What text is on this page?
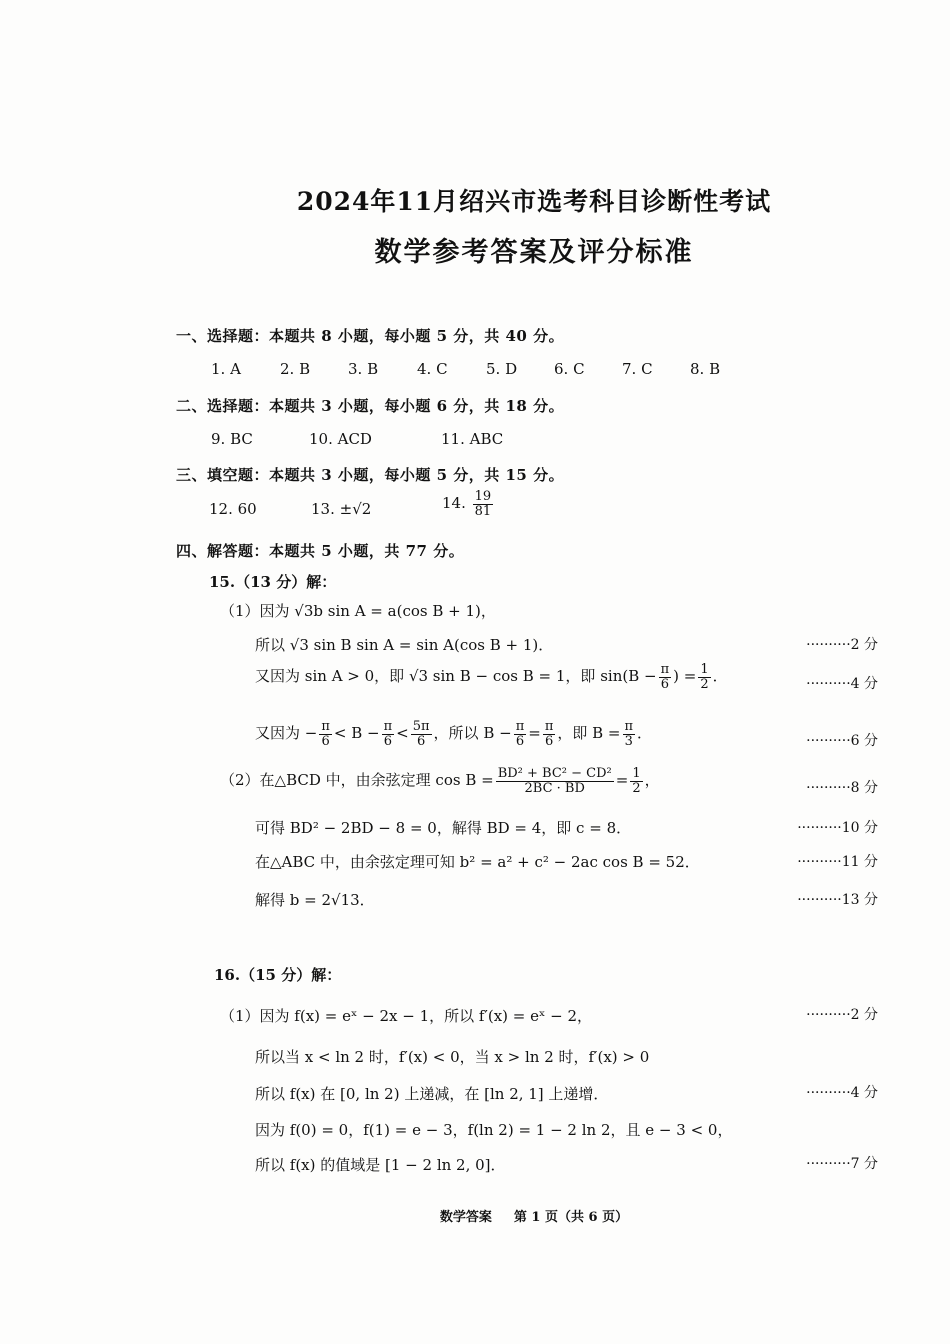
2024年11月绍兴市选考科目诊断性考试
数学参考答案及评分标准
一、选择题：本题共 8 小题，每小题 5 分，共 40 分。
1. A	2. B	3. B	4. C	5. D 6. C 7. C 8. B
二、选择题：本题共 3 小题，每小题 6 分，共 18 分。
9. BC	10. ACD	11. ABC
三、填空题：本题共 3 小题，每小题 5 分，共 15 分。
12. 60	13. ±√2	14. $\frac{19}{81}$
四、解答题：本题共 5 小题，共 77 分。
15.（13 分）解：
（1）因为 √3b sin A = a(cos B + 1)，
所以 √3 sin B sin A = sin A(cos B + 1)．	··········2 分
又因为 sin A > 0，即 √3 sin B − cos B = 1，即 $\sin(B - \frac{\pi}{6}$ ) = $\frac{1}{2}$ ．	··········4 分
又因为 − $\frac{\pi}{6} < B - \frac{\pi}{6} < \frac{5\pi}{6}$ ，所以 $B - \frac{\pi}{6} = \frac{\pi}{6}$ ，即 $B = \frac{\pi}{3}$ ．	··········6 分
（2）在△BCD 中，由余弦定理 $\cos B = \frac{\text{BD² + BC² − CD²}}{2BC \cdot BD} = \frac{1}{2}$ ，	··········8 分
可得 BD² − 2BD − 8 = 0，解得 BD = 4，即 c = 8．	··········10 分
在△ABC 中，由余弦定理可知 b² = a² + c² − 2ac cos B = 52．	··········11 分
解得 b = 2√13．	··········13 分
16.（15 分）解：
（1）因为 f(x) = eˣ − 2x − 1，所以 f′(x) = eˣ − 2，	··········2 分
所以当 x < ln 2 时，f′(x) < 0，当 x > ln 2 时，f′(x) > 0
所以 f(x) 在 [0, ln 2) 上递减，在 [ln 2, 1] 上递增．	··········4 分
因为 f(0) = 0，f(1) = e − 3，f(ln 2) = 1 − 2 ln 2，且 e − 3 < 0，
所以 f(x) 的值域是 [1 − 2 ln 2, 0]．	··········7 分
数学答案 第 1 页（共 6 页）
